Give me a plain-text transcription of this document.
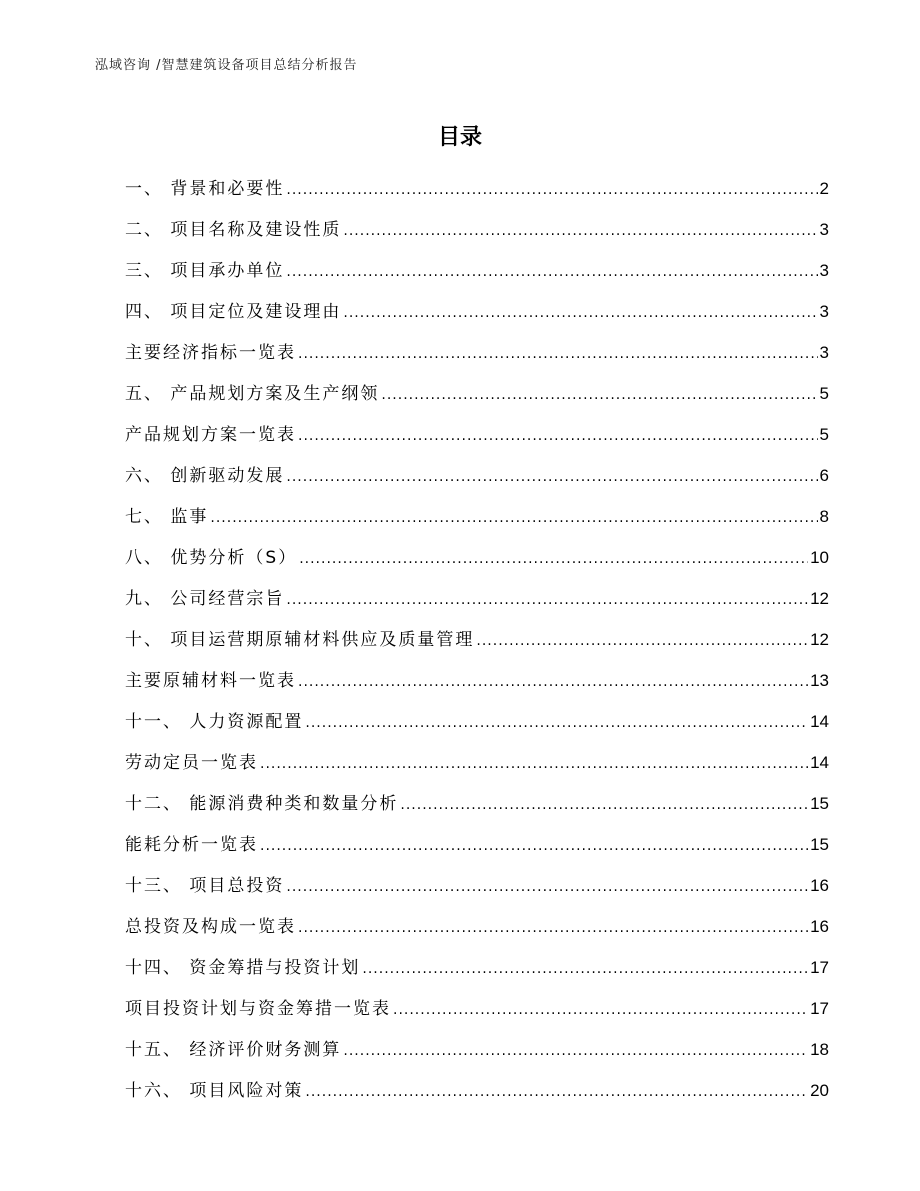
泓域咨询 /智慧建筑设备项目总结分析报告
目录
一、 背景和必要性 .....	2
二、 项目名称及建设性质 .....	3
三、 项目承办单位 .....	3
四、 项目定位及建设理由 .....	3
主要经济指标一览表 .....	3
五、 产品规划方案及生产纲领 .....	5
产品规划方案一览表 .....	5
六、 创新驱动发展 .....	6
七、 监事 .....	8
八、 优势分析（S） .....	10
九、 公司经营宗旨 .....	12
十、 项目运营期原辅材料供应及质量管理 .....	12
主要原辅材料一览表 .....	13
十一、 人力资源配置 .....	14
劳动定员一览表 .....	14
十二、 能源消费种类和数量分析 .....	15
能耗分析一览表 .....	15
十三、 项目总投资 .....	16
总投资及构成一览表 .....	16
十四、 资金筹措与投资计划 .....	17
项目投资计划与资金筹措一览表 .....	17
十五、 经济评价财务测算 .....	18
十六、 项目风险对策 .....	20
